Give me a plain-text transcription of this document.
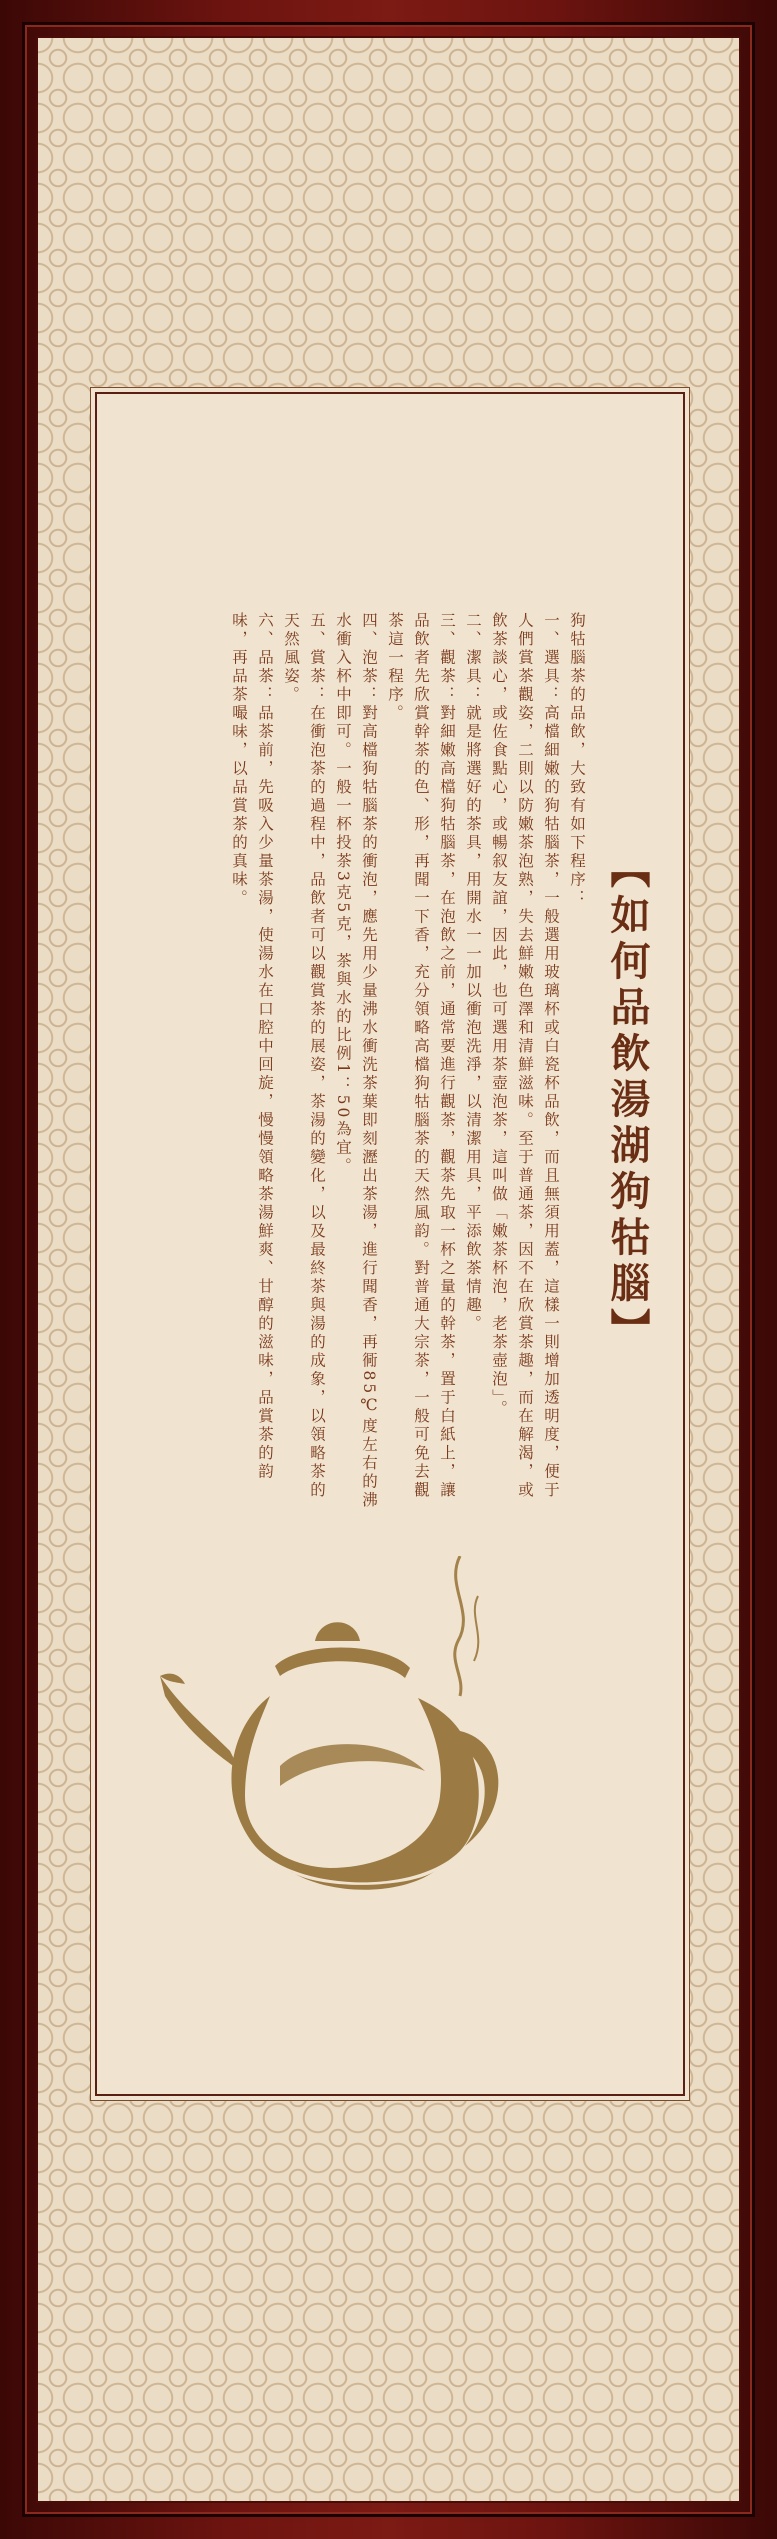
【如何品飲湯湖狗牯腦】

狗牯腦茶的品飲，大致有如下程序：

一、選具：高檔細嫩的狗牯腦茶，一般選用玻璃杯或白瓷杯品飲，而且無須用蓋，這樣一則增加透明度，便于人們賞茶觀姿，二則以防嫩茶泡熟，失去鮮嫩色澤和清鮮滋味。至于普通茶，因不在欣賞茶趣，而在解渴，或飲茶談心，或佐食點心，或暢叙友誼，因此，也可選用茶壺泡茶，這叫做「嫩茶杯泡，老茶壺泡」。

二、潔具：就是將選好的茶具，用開水一一加以衝泡洗淨，以清潔用具，平添飲茶情趣。

三、觀茶：對細嫩高檔狗牯腦茶，在泡飲之前，通常要進行觀茶，觀茶先取一杯之量的幹茶，置于白紙上，讓品飲者先欣賞幹茶的色、形，再聞一下香，充分領略高檔狗牯腦茶的天然風韵。對普通大宗茶，一般可免去觀茶這一程序。

四、泡茶：對高檔狗牯腦茶的衝泡，應先用少量沸水衝洗茶葉即刻瀝出茶湯，進行聞香，再衕85℃度左右的沸水衝入杯中即可。一般一杯投茶3克5克，茶與水的比例1：50為宜。

五、賞茶：在衝泡茶的過程中，品飲者可以觀賞茶的展姿，茶湯的變化，以及最終茶與湯的成象，以領略茶的天然風姿。

六、品茶：品茶前，先吸入少量茶湯，使湯水在口腔中回旋，慢慢領略茶湯鮮爽、甘醇的滋味，品賞茶的韵味，再品茶嘬味，以品賞茶的真味。
